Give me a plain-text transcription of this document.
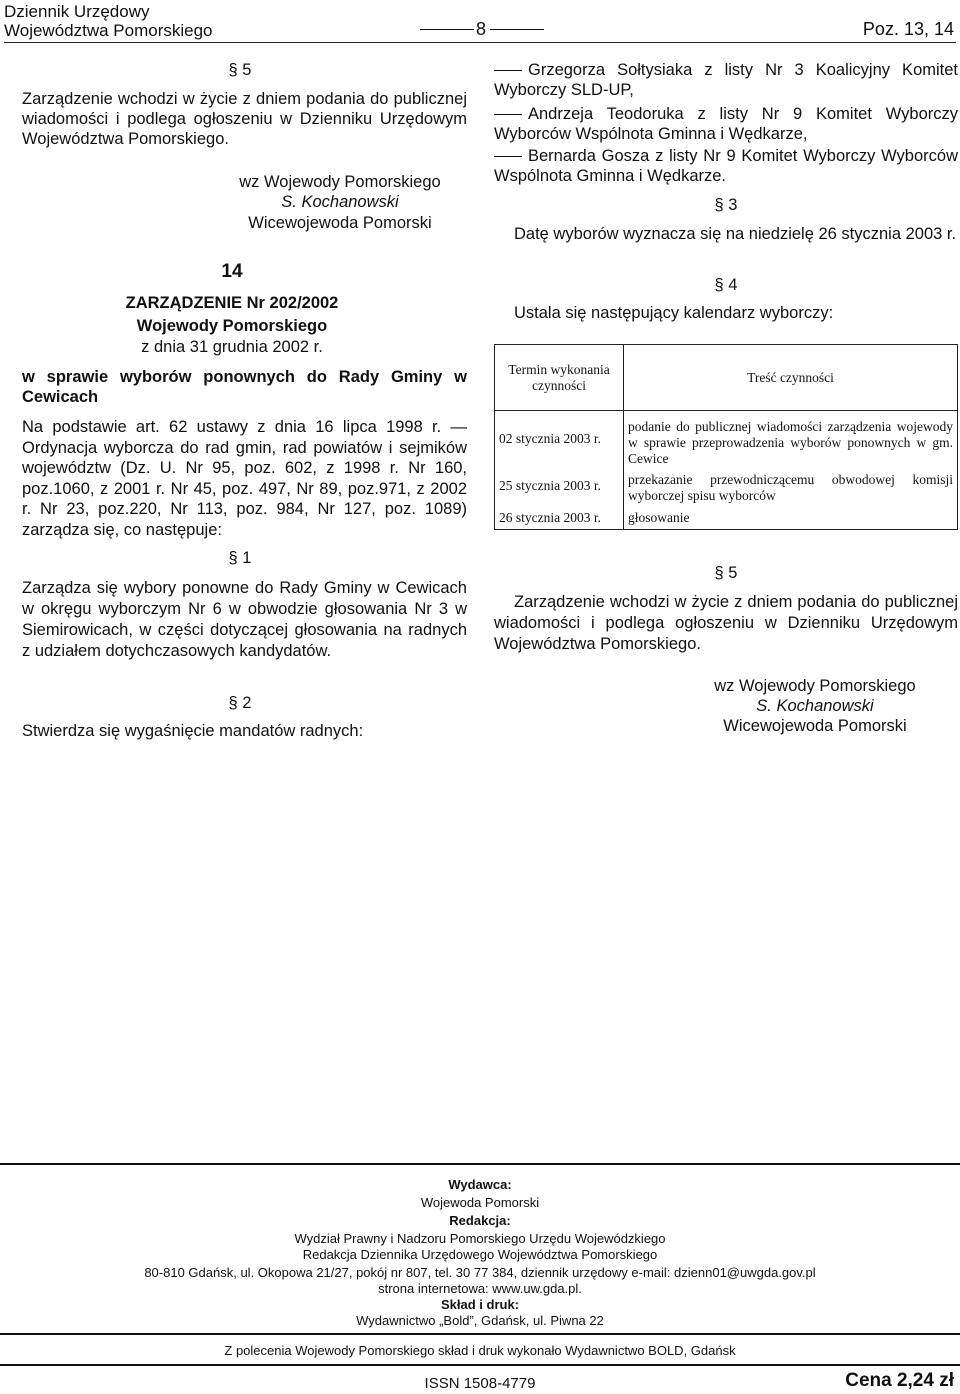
Dziennik Urzędowy
Województwa Pomorskiego	8	Poz. 13, 14
§ 5
Zarządzenie wchodzi w życie z dniem podania do publicznej wiadomości i podlega ogłoszeniu w Dzienniku Urzędowym Województwa Pomorskiego.
wz Wojewody Pomorskiego
S. Kochanowski
Wicewojewoda Pomorski
14
ZARZĄDZENIE Nr 202/2002
Wojewody Pomorskiego
z dnia 31 grudnia 2002 r.
w sprawie wyborów ponownych do Rady Gminy w Cewicach
Na podstawie art. 62 ustawy z dnia 16 lipca 1998 r. — Ordynacja wyborcza do rad gmin, rad powiatów i sejmików województw (Dz. U. Nr 95, poz. 602, z 1998 r. Nr 160, poz.1060, z 2001 r. Nr 45, poz. 497, Nr 89, poz.971, z 2002 r. Nr 23, poz.220, Nr 113, poz. 984, Nr 127, poz. 1089) zarządza się, co następuje:
§ 1
Zarządza się wybory ponowne do Rady Gminy w Cewicach w okręgu wyborczym Nr 6 w obwodzie głosowania Nr 3 w Siemirowicach, w części dotyczącej głosowania na radnych z udziałem dotychczasowych kandydatów.
§ 2
Stwierdza się wygaśnięcie mandatów radnych:
Grzegorza Sołtysiaka z listy Nr 3 Koalicyjny Komitet Wyborczy SLD-UP,
Andrzeja Teodoruka z listy Nr 9 Komitet Wyborczy Wyborców Wspólnota Gminna i Wędkarze,
Bernarda Gosza z listy Nr 9 Komitet Wyborczy Wyborców Wspólnota Gminna i Wędkarze.
§ 3
Datę wyborów wyznacza się na niedzielę 26 stycznia 2003 r.
§ 4
Ustala się następujący kalendarz wyborczy:
Termin wykonania czynności	Treść czynności
02 stycznia 2003 r.	podanie do publicznej wiadomości zarządzenia wojewody w sprawie przeprowadzenia wyborów ponownych w gm. Cewice
25 stycznia 2003 r.	przekazanie przewodniczącemu obwodowej komisji wyborczej spisu wyborców
26 stycznia 2003 r.	głosowanie
§ 5
Zarządzenie wchodzi w życie z dniem podania do publicznej wiadomości i podlega ogłoszeniu w Dzienniku Urzędowym Województwa Pomorskiego.
wz Wojewody Pomorskiego
S. Kochanowski
Wicewojewoda Pomorski
Wydawca:
Wojewoda Pomorski
Redakcja:
Wydział Prawny i Nadzoru Pomorskiego Urzędu Wojewódzkiego
Redakcja Dziennika Urzędowego Województwa Pomorskiego
80-810 Gdańsk, ul. Okopowa 21/27, pokój nr 807, tel. 30 77 384, dziennik urzędowy e-mail: dzienn01@uwgda.gov.pl
strona internetowa: www.uw.gda.pl.
Skład i druk:
Wydawnictwo „Bold”, Gdańsk, ul. Piwna 22
Z polecenia Wojewody Pomorskiego skład i druk wykonało Wydawnictwo BOLD, Gdańsk
ISSN 1508-4779	Cena 2,24 zł
